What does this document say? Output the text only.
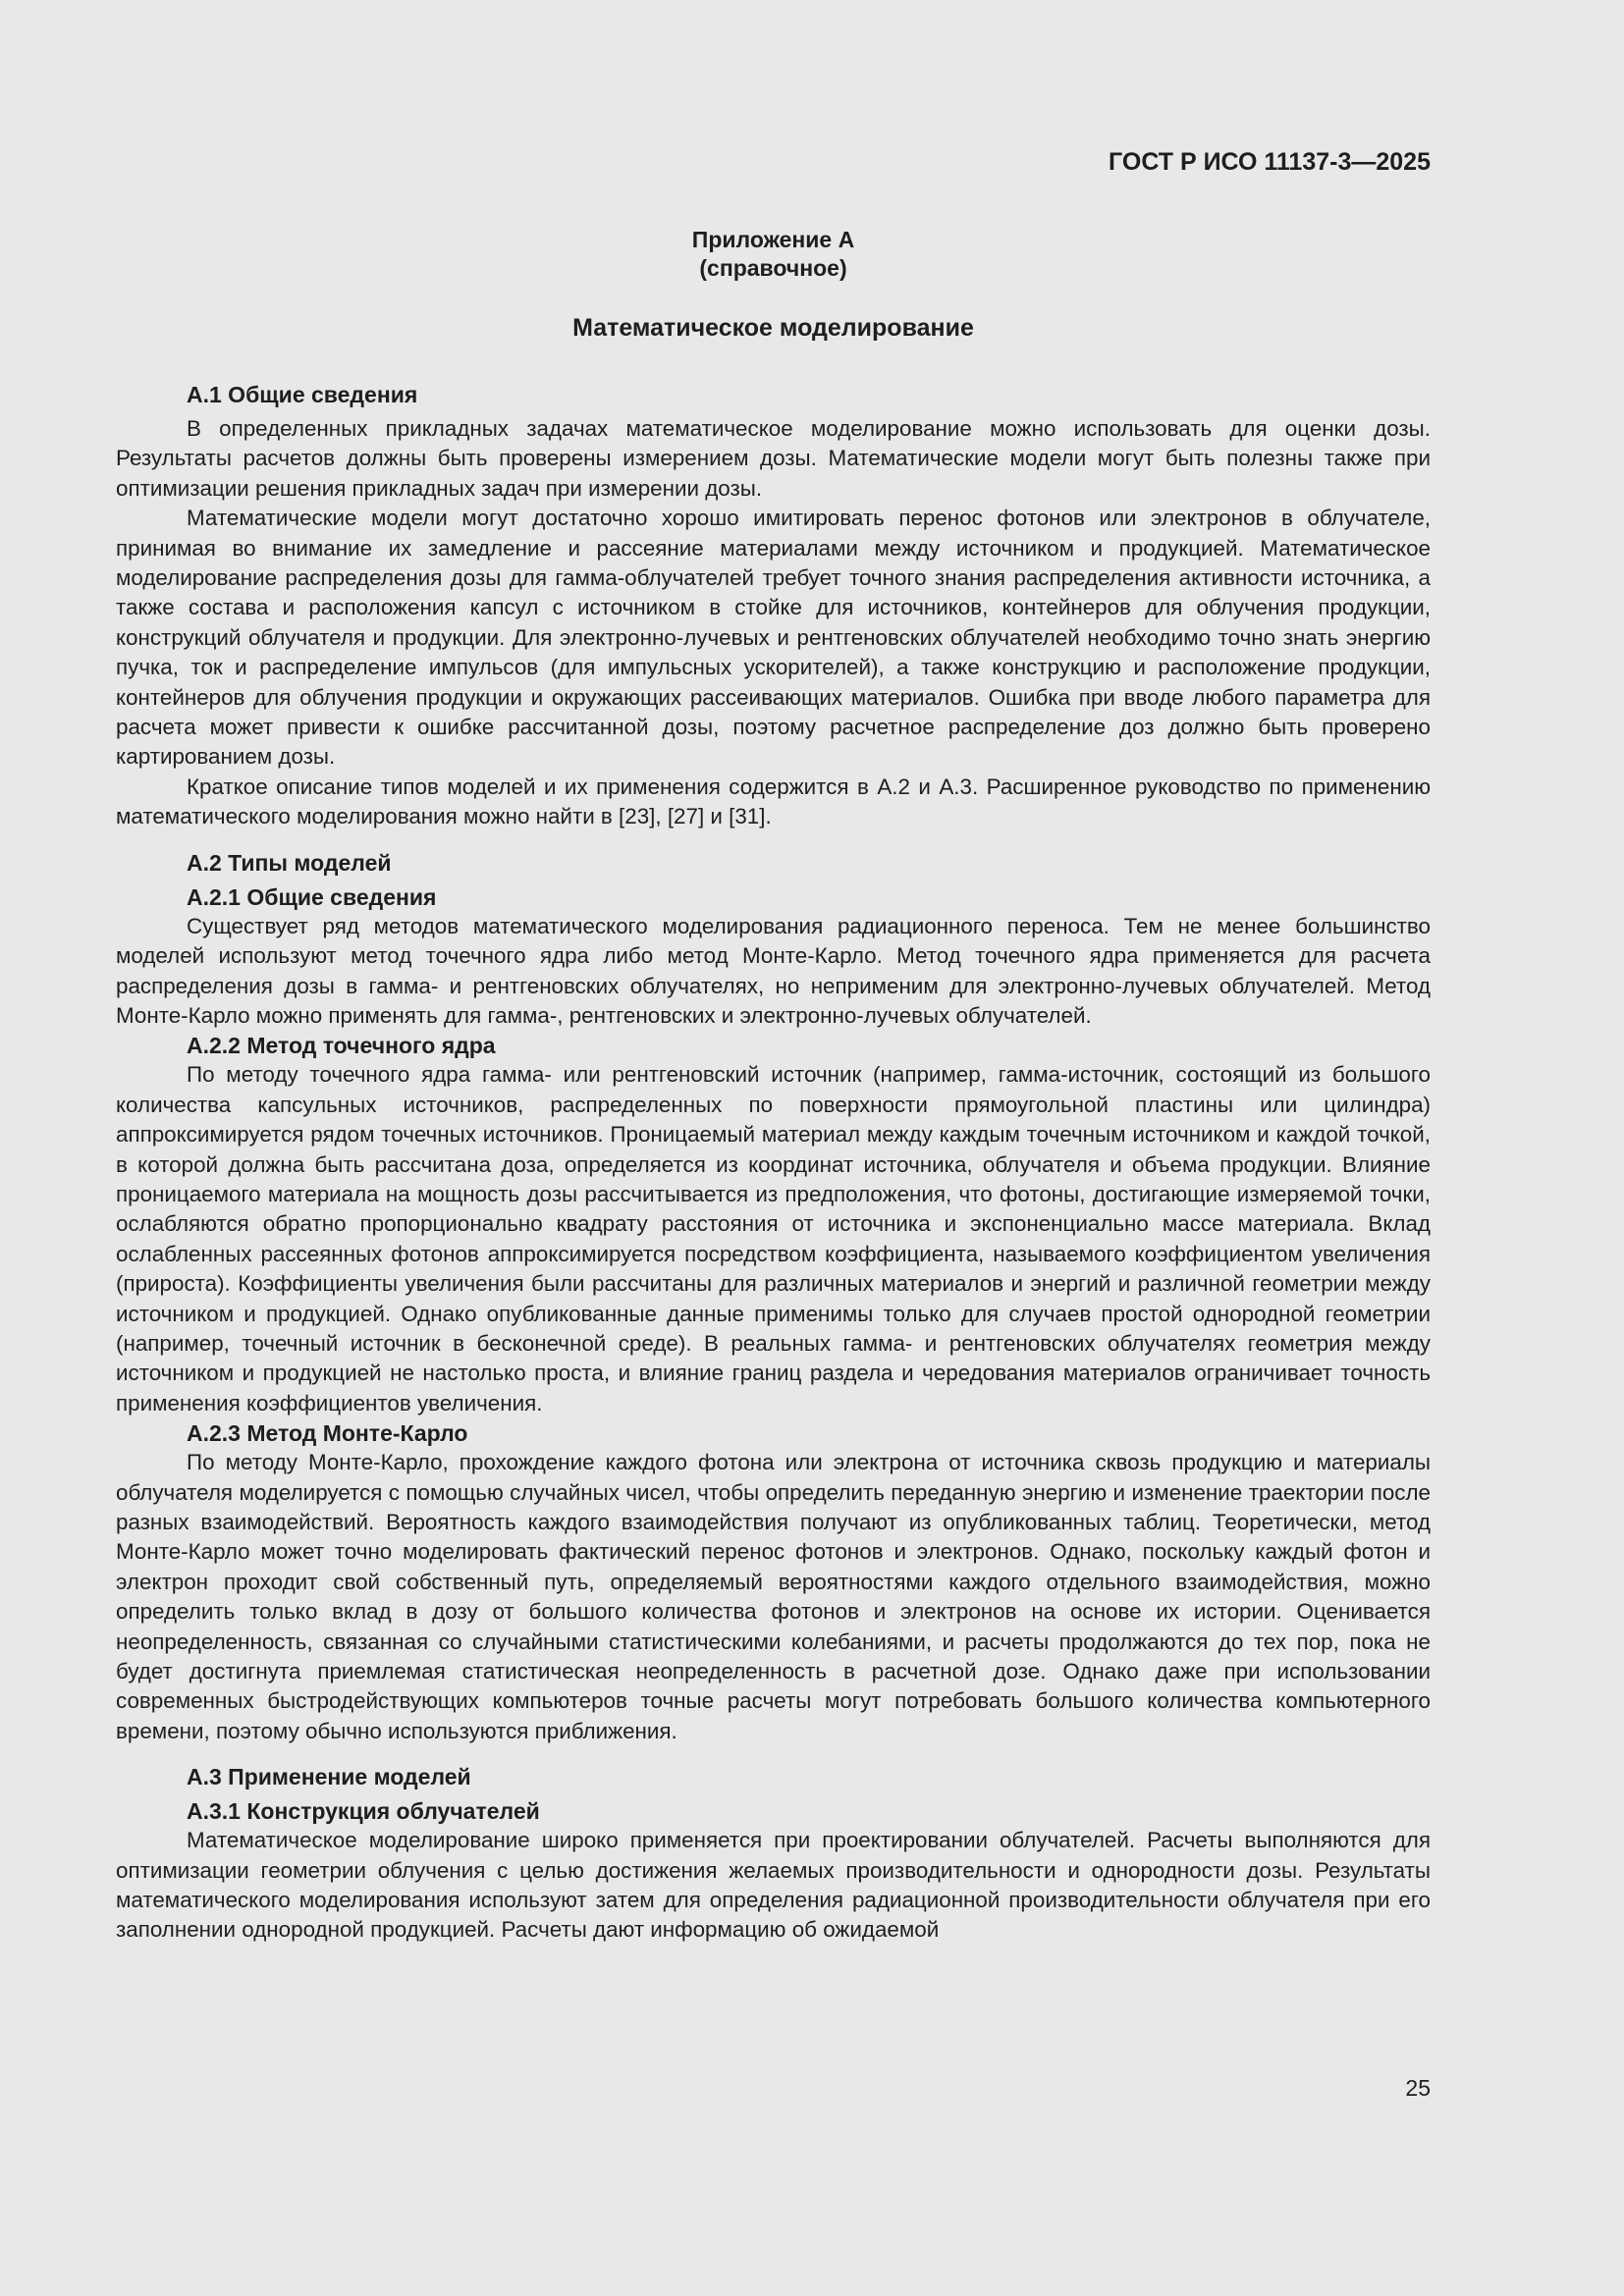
ГОСТ Р ИСО 11137-3—2025
Приложение А
(справочное)
Математическое моделирование
А.1 Общие сведения

В определенных прикладных задачах математическое моделирование можно использовать для оценки дозы. Результаты расчетов должны быть проверены измерением дозы. Математические модели могут быть полезны также при оптимизации решения прикладных задач при измерении дозы.

Математические модели могут достаточно хорошо имитировать перенос фотонов или электронов в облучателе, принимая во внимание их замедление и рассеяние материалами между источником и продукцией. Математическое моделирование распределения дозы для гамма-облучателей требует точного знания распределения активности источника, а также состава и расположения капсул с источником в стойке для источников, контейнеров для облучения продукции, конструкций облучателя и продукции. Для электронно-лучевых и рентгеновских облучателей необходимо точно знать энергию пучка, ток и распределение импульсов (для импульсных ускорителей), а также конструкцию и расположение продукции, контейнеров для облучения продукции и окружающих рассеивающих материалов. Ошибка при вводе любого параметра для расчета может привести к ошибке рассчитанной дозы, поэтому расчетное распределение доз должно быть проверено картированием дозы.

Краткое описание типов моделей и их применения содержится в А.2 и А.3. Расширенное руководство по применению математического моделирования можно найти в [23], [27] и [31].

А.2 Типы моделей
А.2.1 Общие сведения

Существует ряд методов математического моделирования радиационного переноса. Тем не менее большинство моделей используют метод точечного ядра либо метод Монте-Карло. Метод точечного ядра применяется для расчета распределения дозы в гамма- и рентгеновских облучателях, но неприменим для электронно-лучевых облучателей. Метод Монте-Карло можно применять для гамма-, рентгеновских и электронно-лучевых облучателей.

А.2.2 Метод точечного ядра

По методу точечного ядра гамма- или рентгеновский источник (например, гамма-источник, состоящий из большого количества капсульных источников, распределенных по поверхности прямоугольной пластины или цилиндра) аппроксимируется рядом точечных источников. Проницаемый материал между каждым точечным источником и каждой точкой, в которой должна быть рассчитана доза, определяется из координат источника, облучателя и объема продукции. Влияние проницаемого материала на мощность дозы рассчитывается из предположения, что фотоны, достигающие измеряемой точки, ослабляются обратно пропорционально квадрату расстояния от источника и экспоненциально массе материала. Вклад ослабленных рассеянных фотонов аппроксимируется посредством коэффициента, называемого коэффициентом увеличения (прироста). Коэффициенты увеличения были рассчитаны для различных материалов и энергий и различной геометрии между источником и продукцией. Однако опубликованные данные применимы только для случаев простой однородной геометрии (например, точечный источник в бесконечной среде). В реальных гамма- и рентгеновских облучателях геометрия между источником и продукцией не настолько проста, и влияние границ раздела и чередования материалов ограничивает точность применения коэффициентов увеличения.

А.2.3 Метод Монте-Карло

По методу Монте-Карло, прохождение каждого фотона или электрона от источника сквозь продукцию и материалы облучателя моделируется с помощью случайных чисел, чтобы определить переданную энергию и изменение траектории после разных взаимодействий. Вероятность каждого взаимодействия получают из опубликованных таблиц. Теоретически, метод Монте-Карло может точно моделировать фактический перенос фотонов и электронов. Однако, поскольку каждый фотон и электрон проходит свой собственный путь, определяемый вероятностями каждого отдельного взаимодействия, можно определить только вклад в дозу от большого количества фотонов и электронов на основе их истории. Оценивается неопределенность, связанная со случайными статистическими колебаниями, и расчеты продолжаются до тех пор, пока не будет достигнута приемлемая статистическая неопределенность в расчетной дозе. Однако даже при использовании современных быстродействующих компьютеров точные расчеты могут потребовать большого количества компьютерного времени, поэтому обычно используются приближения.

А.3 Применение моделей
А.3.1 Конструкция облучателей

Математическое моделирование широко применяется при проектировании облучателей. Расчеты выполняются для оптимизации геометрии облучения с целью достижения желаемых производительности и однородности дозы. Результаты математического моделирования используют затем для определения радиационной производительности облучателя при его заполнении однородной продукцией. Расчеты дают информацию об ожидаемой

25
